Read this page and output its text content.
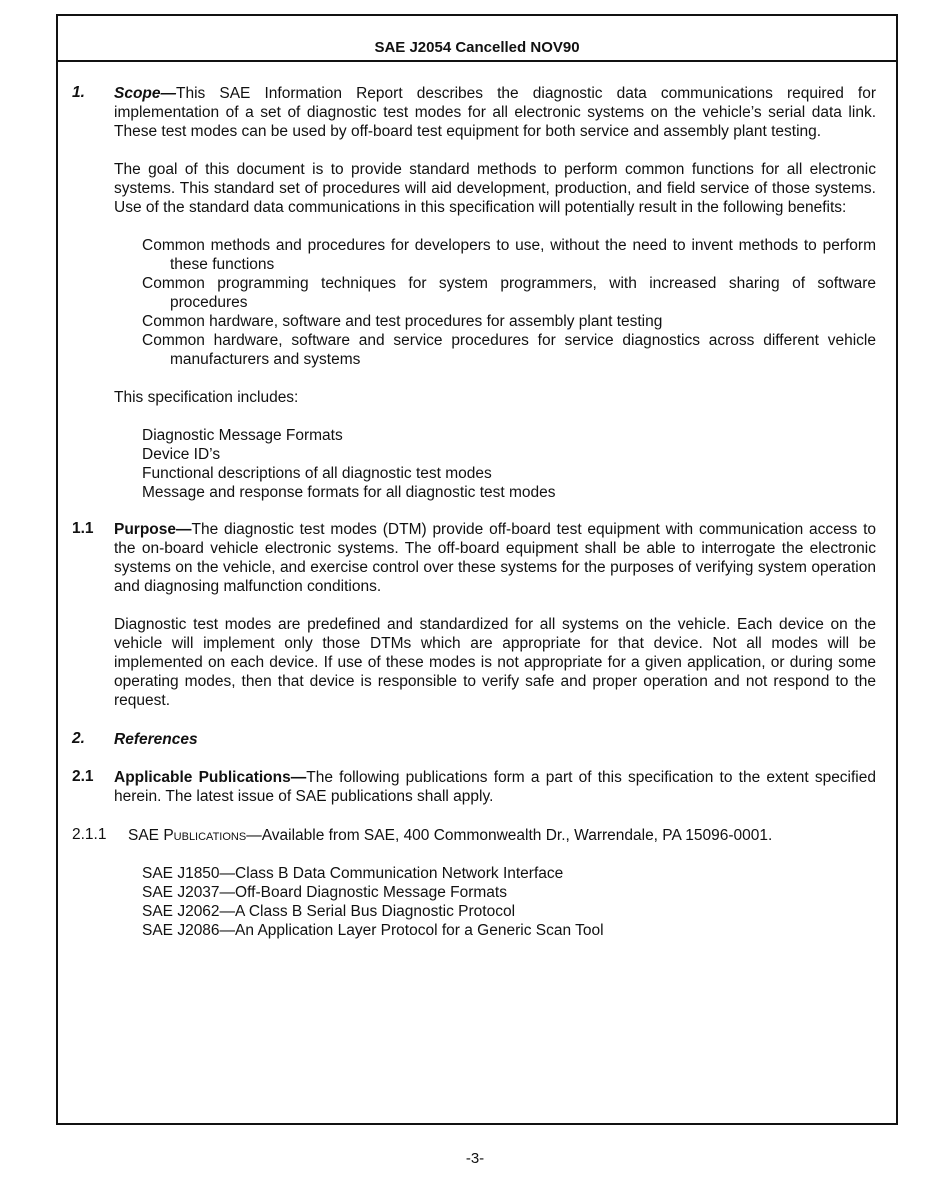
SAE J2054 Cancelled NOV90
1.	Scope—This SAE Information Report describes the diagnostic data communications required for implementation of a set of diagnostic test modes for all electronic systems on the vehicle’s serial data link. These test modes can be used by off-board test equipment for both service and assembly plant testing.

The goal of this document is to provide standard methods to perform common functions for all electronic systems. This standard set of procedures will aid development, production, and field service of those systems. Use of the standard data communications in this specification will potentially result in the following benefits:

Common methods and procedures for developers to use, without the need to invent methods to perform these functions
Common programming techniques for system programmers, with increased sharing of software procedures
Common hardware, software and test procedures for assembly plant testing
Common hardware, software and service procedures for service diagnostics across different vehicle manufacturers and systems

This specification includes:

Diagnostic Message Formats
Device ID’s
Functional descriptions of all diagnostic test modes
Message and response formats for all diagnostic test modes
1.1	Purpose—The diagnostic test modes (DTM) provide off-board test equipment with communication access to the on-board vehicle electronic systems. The off-board equipment shall be able to interrogate the electronic systems on the vehicle, and exercise control over these systems for the purposes of verifying system operation and diagnosing malfunction conditions.

Diagnostic test modes are predefined and standardized for all systems on the vehicle. Each device on the vehicle will implement only those DTMs which are appropriate for that device. Not all modes will be implemented on each device. If use of these modes is not appropriate for a given application, or during some operating modes, then that device is responsible to verify safe and proper operation and not respond to the request.

2.	References

2.1	Applicable Publications—The following publications form a part of this specification to the extent specified herein. The latest issue of SAE publications shall apply.

2.1.1	SAE Publications—Available from SAE, 400 Commonwealth Dr., Warrendale, PA 15096-0001.

SAE J1850—Class B Data Communication Network Interface
SAE J2037—Off-Board Diagnostic Message Formats
SAE J2062—A Class B Serial Bus Diagnostic Protocol
SAE J2086—An Application Layer Protocol for a Generic Scan Tool
-3-
